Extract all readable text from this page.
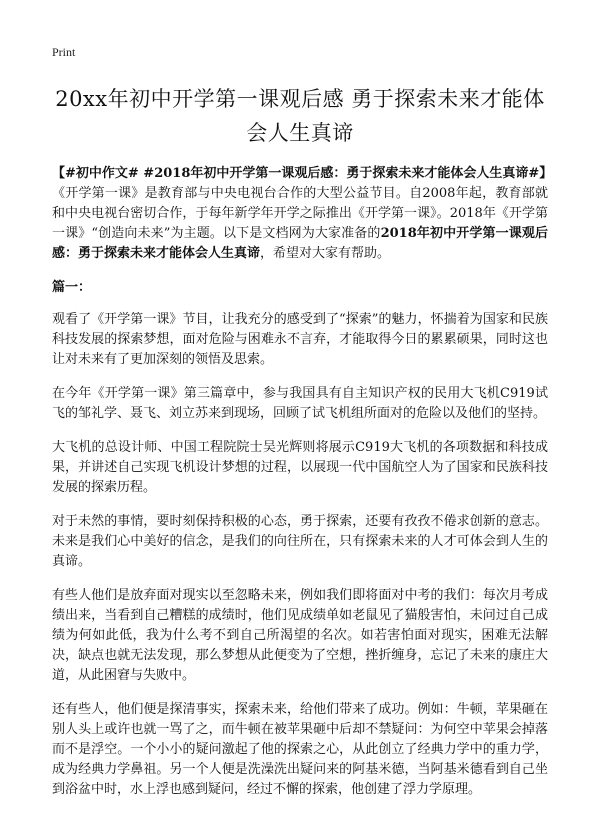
Print
20xx年初中开学第一课观后感 勇于探索未来才能体会人生真谛

【#初中作文# #2018年初中开学第一课观后感：勇于探索未来才能体会人生真谛#】《开学第一课》是教育部与中央电视台合作的大型公益节目。自2008年起，教育部就和中央电视台密切合作，于每年新学年开学之际推出《开学第一课》。2018年《开学第一课》“创造向未来”为主题。以下是文档网为大家准备的2018年初中开学第一课观后感：勇于探索未来才能体会人生真谛，希望对大家有帮助。

篇一：

观看了《开学第一课》节目，让我充分的感受到了“探索”的魅力，怀揣着为国家和民族科技发展的探索梦想，面对危险与困难永不言弃，才能取得今日的累累硕果，同时这也让对未来有了更加深刻的领悟及思索。

在今年《开学第一课》第三篇章中，参与我国具有自主知识产权的民用大飞机C919试飞的邹礼学、聂飞、刘立苏来到现场，回顾了试飞机组所面对的危险以及他们的坚持。

大飞机的总设计师、中国工程院院士吴光辉则将展示C919大飞机的各项数据和科技成果，并讲述自己实现飞机设计梦想的过程，以展现一代中国航空人为了国家和民族科技发展的探索历程。

对于未然的事情，要时刻保持积极的心态，勇于探索，还要有孜孜不倦求创新的意志。未来是我们心中美好的信念，是我们的向往所在，只有探索未来的人才可体会到人生的真谛。

有些人他们是放弃面对现实以至忽略未来，例如我们即将面对中考的我们：每次月考成绩出来，当看到自己糟糕的成绩时，他们见成绩单如老鼠见了猫般害怕，未问过自己成绩为何如此低，我为什么考不到自己所渴望的名次。如若害怕面对现实，困难无法解决，缺点也就无法发现，那么梦想从此便变为了空想，挫折缠身，忘记了未来的康庄大道，从此困窘与失败中。

还有些人，他们便是探清事实，探索未来，给他们带来了成功。例如：牛顿，苹果砸在别人头上或许也就一骂了之，而牛顿在被苹果砸中后却不禁疑问：为何空中苹果会掉落而不是浮空。一个小小的疑问激起了他的探索之心，从此创立了经典力学中的重力学，成为经典力学鼻祖。另一个人便是洗澡洗出疑问来的阿基米德，当阿基米德看到自己坐到浴盆中时，水上浮也感到疑问，经过不懈的探索，他创建了浮力学原理。
